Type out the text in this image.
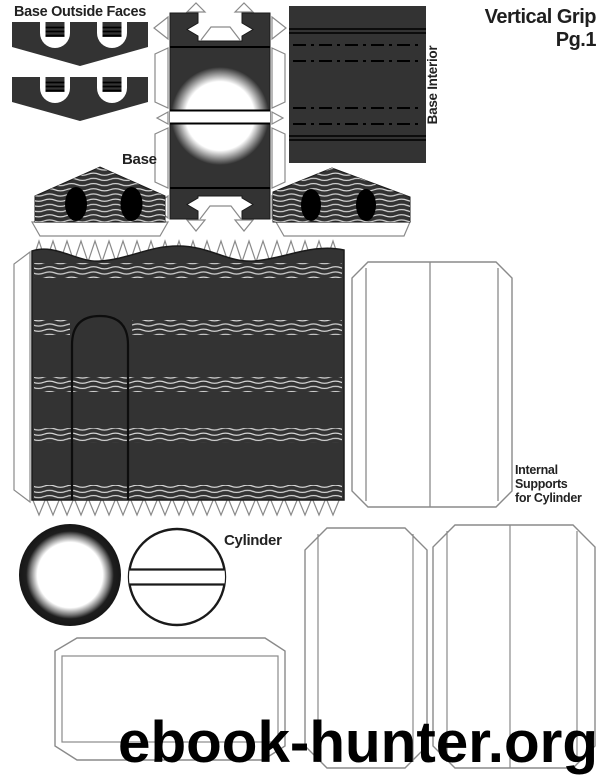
Base Outside Faces
Base Interior
Base
Internal
Supports
for Cylinder
Cylinder
Vertical Grip
Pg.1
ebook-hunter.org
